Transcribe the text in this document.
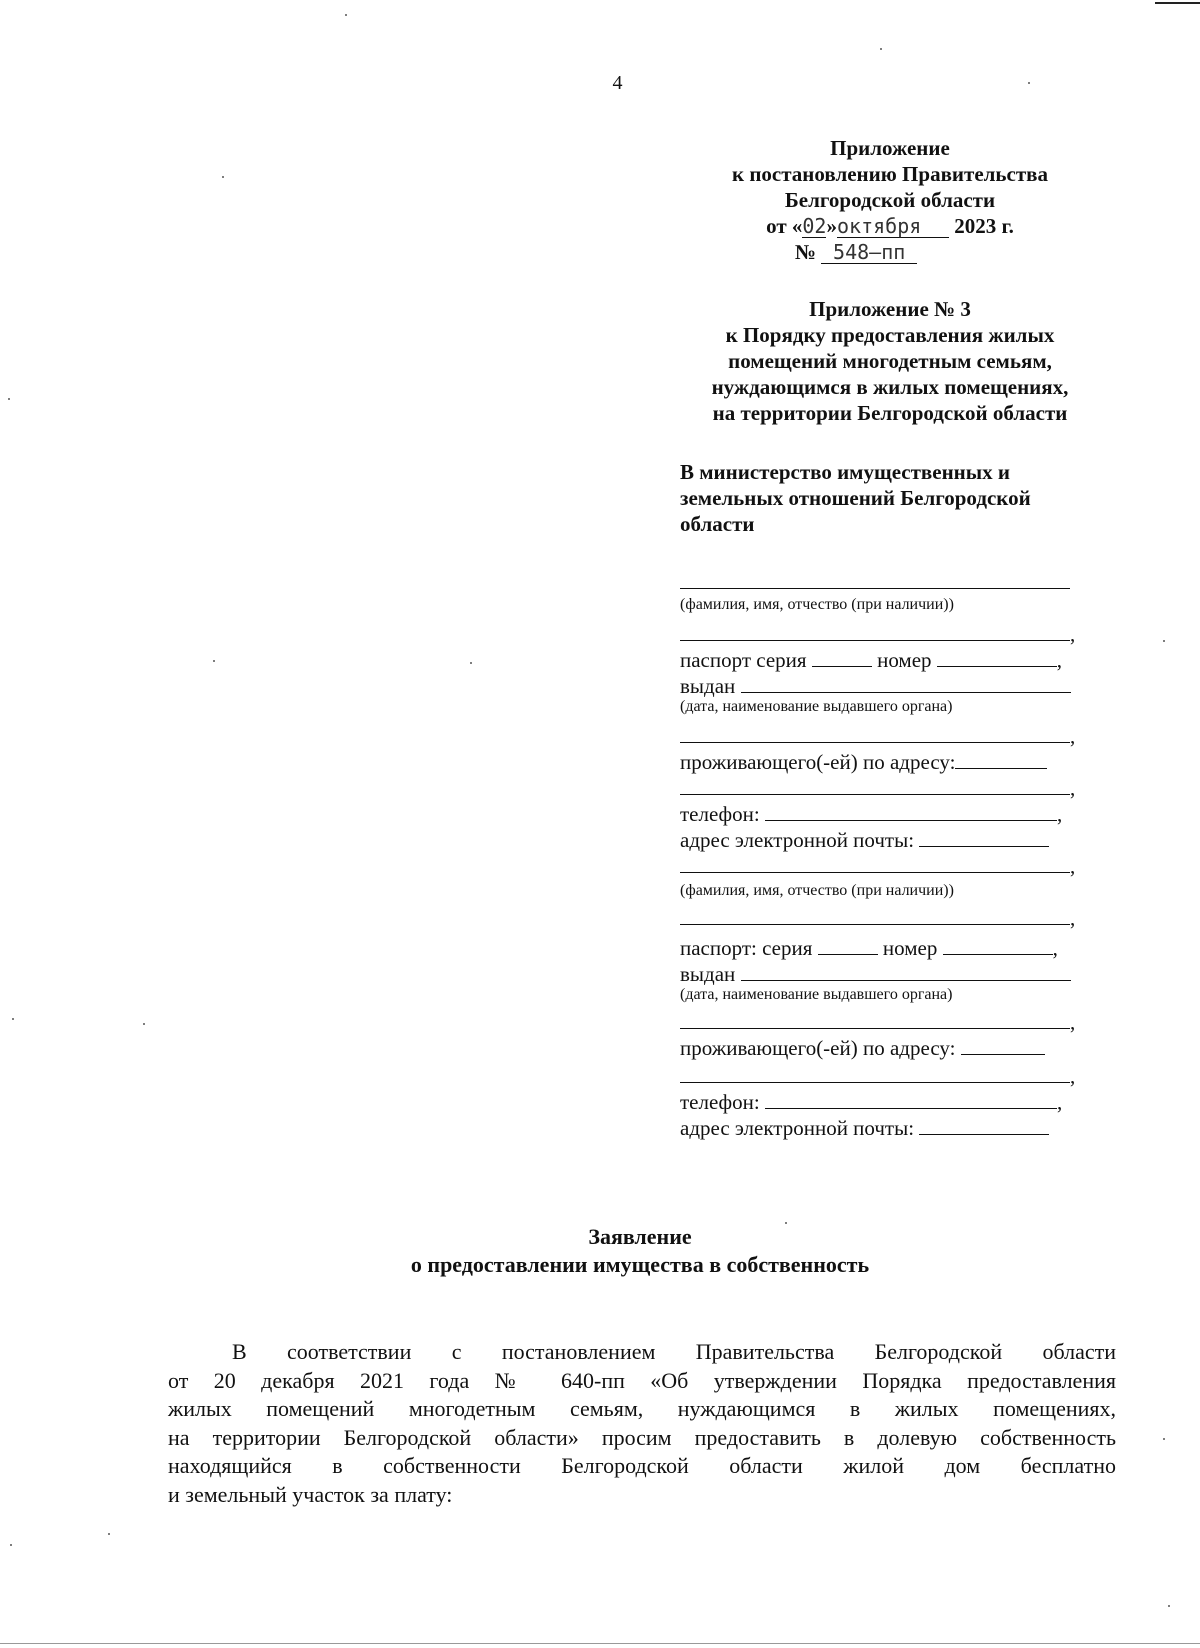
4
Приложение
к постановлению Правительства
Белгородской области
от «02»октября 2023 г.
№ 548–пп
Приложение № 3
к Порядку предоставления жилых
помещений многодетным семьям,
нуждающимся в жилых помещениях,
на территории Белгородской области
В министерство имущественных и
земельных отношений Белгородской
области
(фамилия, имя, отчество (при наличии))
,
паспорт серия	номер	,
выдан
(дата, наименование выдавшего органа)
,
проживающего(-ей) по адресу:
,
телефон:	,
адрес электронной почты:
,
(фамилия, имя, отчество (при наличии))
,
паспорт: серия	номер	,
выдан
(дата, наименование выдавшего органа)
,
проживающего(-ей) по адресу:
,
телефон:	,
адрес электронной почты:
Заявление
о предоставлении имущества в собственность
В соответствии с постановлением Правительства Белгородской области
от 20 декабря 2021 года № 640-пп «Об утверждении Порядка предоставления
жилых помещений многодетным семьям, нуждающимся в жилых помещениях,
на территории Белгородской области» просим предоставить в долевую собственность
находящийся в собственности Белгородской области жилой дом бесплатно
и земельный участок за плату:
